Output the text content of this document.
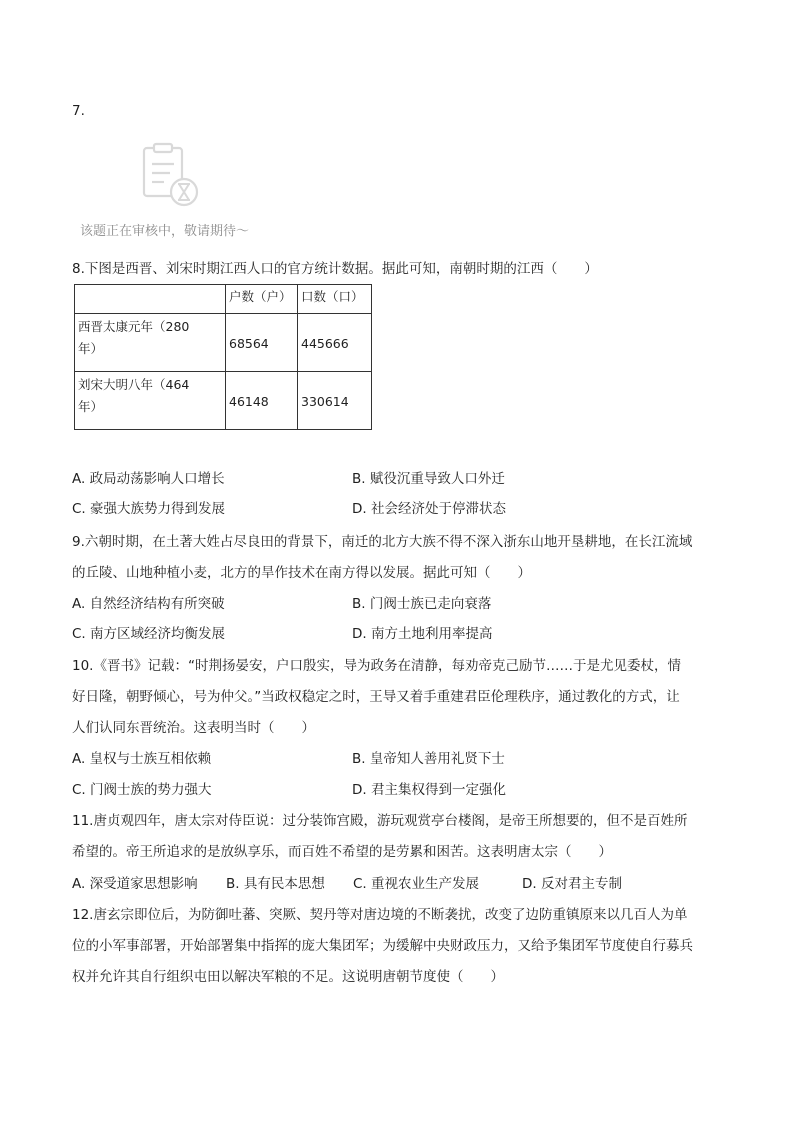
7.
该题正在审核中，敬请期待～
8.下图是西晋、刘宋时期江西人口的官方统计数据。据此可知，南朝时期的江西（　　）
	户数（户）	口数（口）

西晋太康元年（280
年）	68564	445666

刘宋大明八年（464
年）	46148	330614
A. 政局动荡影响人口增长	B. 赋役沉重导致人口外迁
C. 豪强大族势力得到发展	D. 社会经济处于停滞状态
9.六朝时期，在土著大姓占尽良田的背景下，南迁的北方大族不得不深入浙东山地开垦耕地，在长江流域
的丘陵、山地种植小麦，北方的旱作技术在南方得以发展。据此可知（　　）
A. 自然经济结构有所突破	B. 门阀士族已走向衰落
C. 南方区域经济均衡发展	D. 南方土地利用率提高
10.《晋书》记载：“时荆扬晏安，户口殷实，导为政务在清静，每劝帝克己励节……于是尤见委杖，情
好日隆，朝野倾心，号为仲父。”当政权稳定之时，王导又着手重建君臣伦理秩序，通过教化的方式，让
人们认同东晋统治。这表明当时（　　）
A. 皇权与士族互相依赖	B. 皇帝知人善用礼贤下士
C. 门阀士族的势力强大	D. 君主集权得到一定强化
11.唐贞观四年，唐太宗对侍臣说：过分装饰宫殿，游玩观赏亭台楼阁，是帝王所想要的，但不是百姓所
希望的。帝王所追求的是放纵享乐，而百姓不希望的是劳累和困苦。这表明唐太宗（　　）
A. 深受道家思想影响 B. 具有民本思想 C. 重视农业生产发展	D. 反对君主专制
12.唐玄宗即位后，为防御吐蕃、突厥、契丹等对唐边境的不断袭扰，改变了边防重镇原来以几百人为单
位的小军事部署，开始部署集中指挥的庞大集团军；为缓解中央财政压力，又给予集团军节度使自行募兵
权并允许其自行组织屯田以解决军粮的不足。这说明唐朝节度使（　　）
